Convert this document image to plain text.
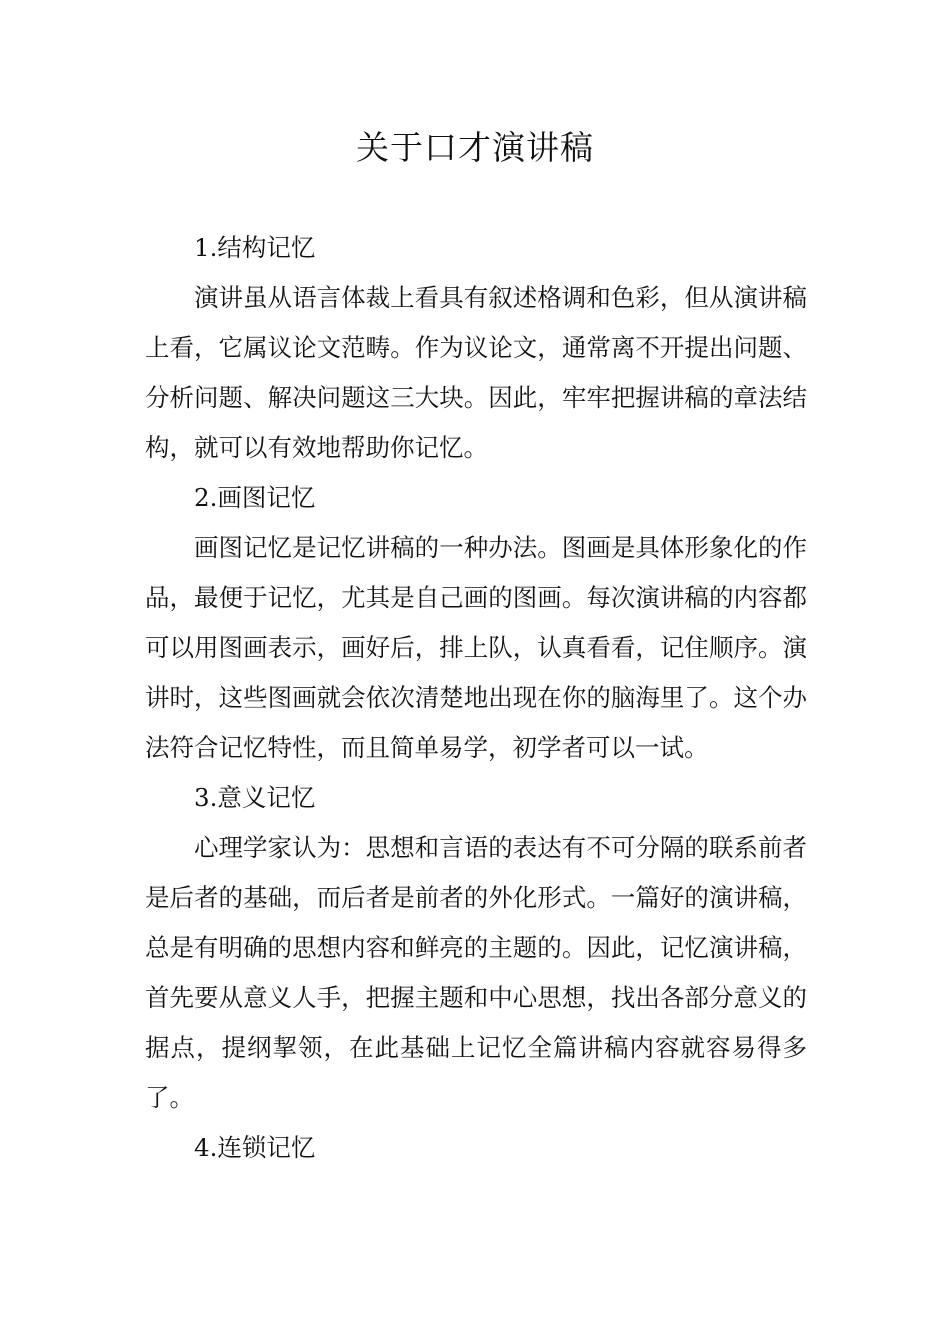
关于口才演讲稿

1.结构记忆

演讲虽从语言体裁上看具有叙述格调和色彩，但从演讲稿上看，它属议论文范畴。作为议论文，通常离不开提出问题、分析问题、解决问题这三大块。因此，牢牢把握讲稿的章法结构，就可以有效地帮助你记忆。

2.画图记忆

画图记忆是记忆讲稿的一种办法。图画是具体形象化的作品，最便于记忆，尤其是自己画的图画。每次演讲稿的内容都可以用图画表示，画好后，排上队，认真看看，记住顺序。演讲时，这些图画就会依次清楚地出现在你的脑海里了。这个办法符合记忆特性，而且简单易学，初学者可以一试。

3.意义记忆

心理学家认为：思想和言语的表达有不可分隔的联系前者是后者的基础，而后者是前者的外化形式。一篇好的演讲稿，总是有明确的思想内容和鲜亮的主题的。因此，记忆演讲稿，首先要从意义人手，把握主题和中心思想，找出各部分意义的据点，提纲挈领，在此基础上记忆全篇讲稿内容就容易得多了。

4.连锁记忆
